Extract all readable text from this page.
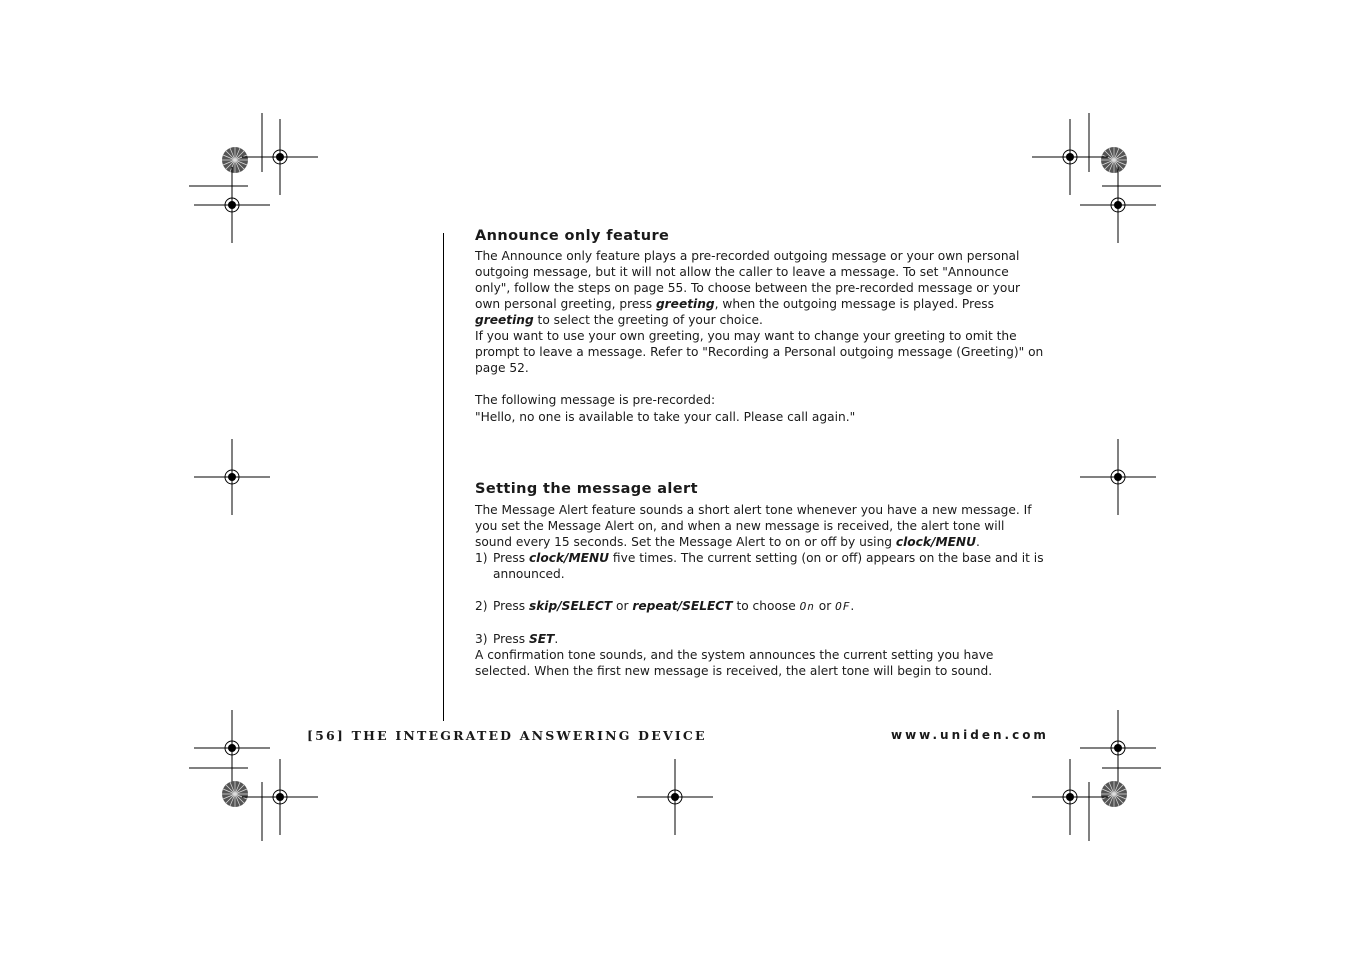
Announce only feature

The Announce only feature plays a pre-recorded outgoing message or your own personal outgoing message, but it will not allow the caller to leave a message. To set "Announce only", follow the steps on page 55. To choose between the pre-recorded message or your own personal greeting, press greeting, when the outgoing message is played. Press greeting to select the greeting of your choice.

If you want to use your own greeting, you may want to change your greeting to omit the prompt to leave a message. Refer to "Recording a Personal outgoing message (Greeting)" on page 52.

The following message is pre-recorded:

"Hello, no one is available to take your call. Please call again."

Setting the message alert

The Message Alert feature sounds a short alert tone whenever you have a new message. If you set the Message Alert on, and when a new message is received, the alert tone will sound every 15 seconds. Set the Message Alert to on or off by using clock/MENU.

1) Press clock/MENU five times. The current setting (on or off) appears on the base and it is announced.
2) Press skip/SELECT or repeat/SELECT to choose On or OF.
3) Press SET.

A confirmation tone sounds, and the system announces the current setting you have selected. When the first new message is received, the alert tone will begin to sound.

[56] THE INTEGRATED ANSWERING DEVICE	www.uniden.com
